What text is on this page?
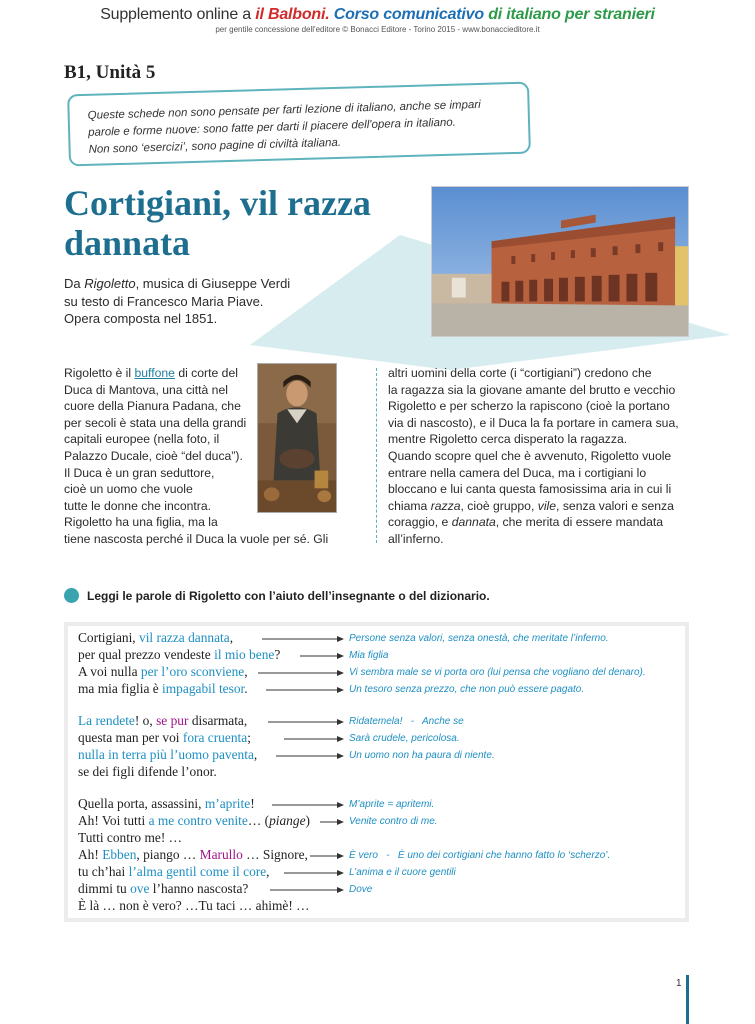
Supplemento online a il Balboni. Corso comunicativo di italiano per stranieri
per gentile concessione dell'editore © Bonacci Editore - Torino 2015 - www.bonaccieditore.it
B1, Unità 5
Queste schede non sono pensate per farti lezione di italiano, anche se impari
parole e forme nuove: sono fatte per darti il piacere dell'opera in italiano.
Non sono ‘esercizi’, sono pagine di civiltà italiana.
Cortigiani, vil razza
dannata
Da Rigoletto, musica di Giuseppe Verdi
su testo di Francesco Maria Piave.
Opera composta nel 1851.
Rigoletto è il buffone di corte del
Duca di Mantova, una città nel
cuore della Pianura Padana, che
per secoli è stata una della grandi
capitali europee (nella foto, il
Palazzo Ducale, cioè “del duca”).
Il Duca è un gran seduttore,
cioè un uomo che vuole
tutte le donne che incontra.
Rigoletto ha una figlia, ma la
tiene nascosta perché il Duca la vuole per sé. Gli
altri uomini della corte (i “cortigiani”) credono che
la ragazza sia la giovane amante del brutto e vecchio
Rigoletto e per scherzo la rapiscono (cioè la portano
via di nascosto), e il Duca la fa portare in camera sua,
mentre Rigoletto cerca disperato la ragazza.
Quando scopre quel che è avvenuto, Rigoletto vuole
entrare nella camera del Duca, ma i cortigiani lo
bloccano e lui canta questa famosissima aria in cui li
chiama razza, cioè gruppo, vile, senza valori e senza
coraggio, e dannata, che merita di essere mandata
all’inferno.
Leggi le parole di Rigoletto con l’aiuto dell’insegnante o del dizionario.
Cortigiani, vil razza dannata,
per qual prezzo vendeste il mio bene?
A voi nulla per l’oro sconviene,
ma mia figlia è impagabil tesor.
La rendete! o, se pur disarmata,
questa man per voi fora cruenta;
nulla in terra più l’uomo paventa,
se dei figli difende l’onor.
Quella porta, assassini, m’aprite!
Ah! Voi tutti a me contro venite… (piange)
Tutti contro me! …
Ah! Ebben, piango … Marullo … Signore,
tu ch’hai l’alma gentil come il core,
dimmi tu ove l’hanno nascosta?
È là … non è vero? …Tu taci … ahimè! …
Persone senza valori, senza onestà, che meritate l’inferno.
Mia figlia
Vi sembra male se vi porta oro (lui pensa che vogliano del denaro).
Un tesoro senza prezzo, che non può essere pagato.
Ridatemela!   -   Anche se
Sarà crudele, pericolosa.
Un uomo non ha paura di niente.
M’aprite = apritemi.
Venite contro di me.
È vero   -   È uno dei cortigiani che hanno fatto lo ‘scherzo’.
L’anima e il cuore gentili
Dove
1
